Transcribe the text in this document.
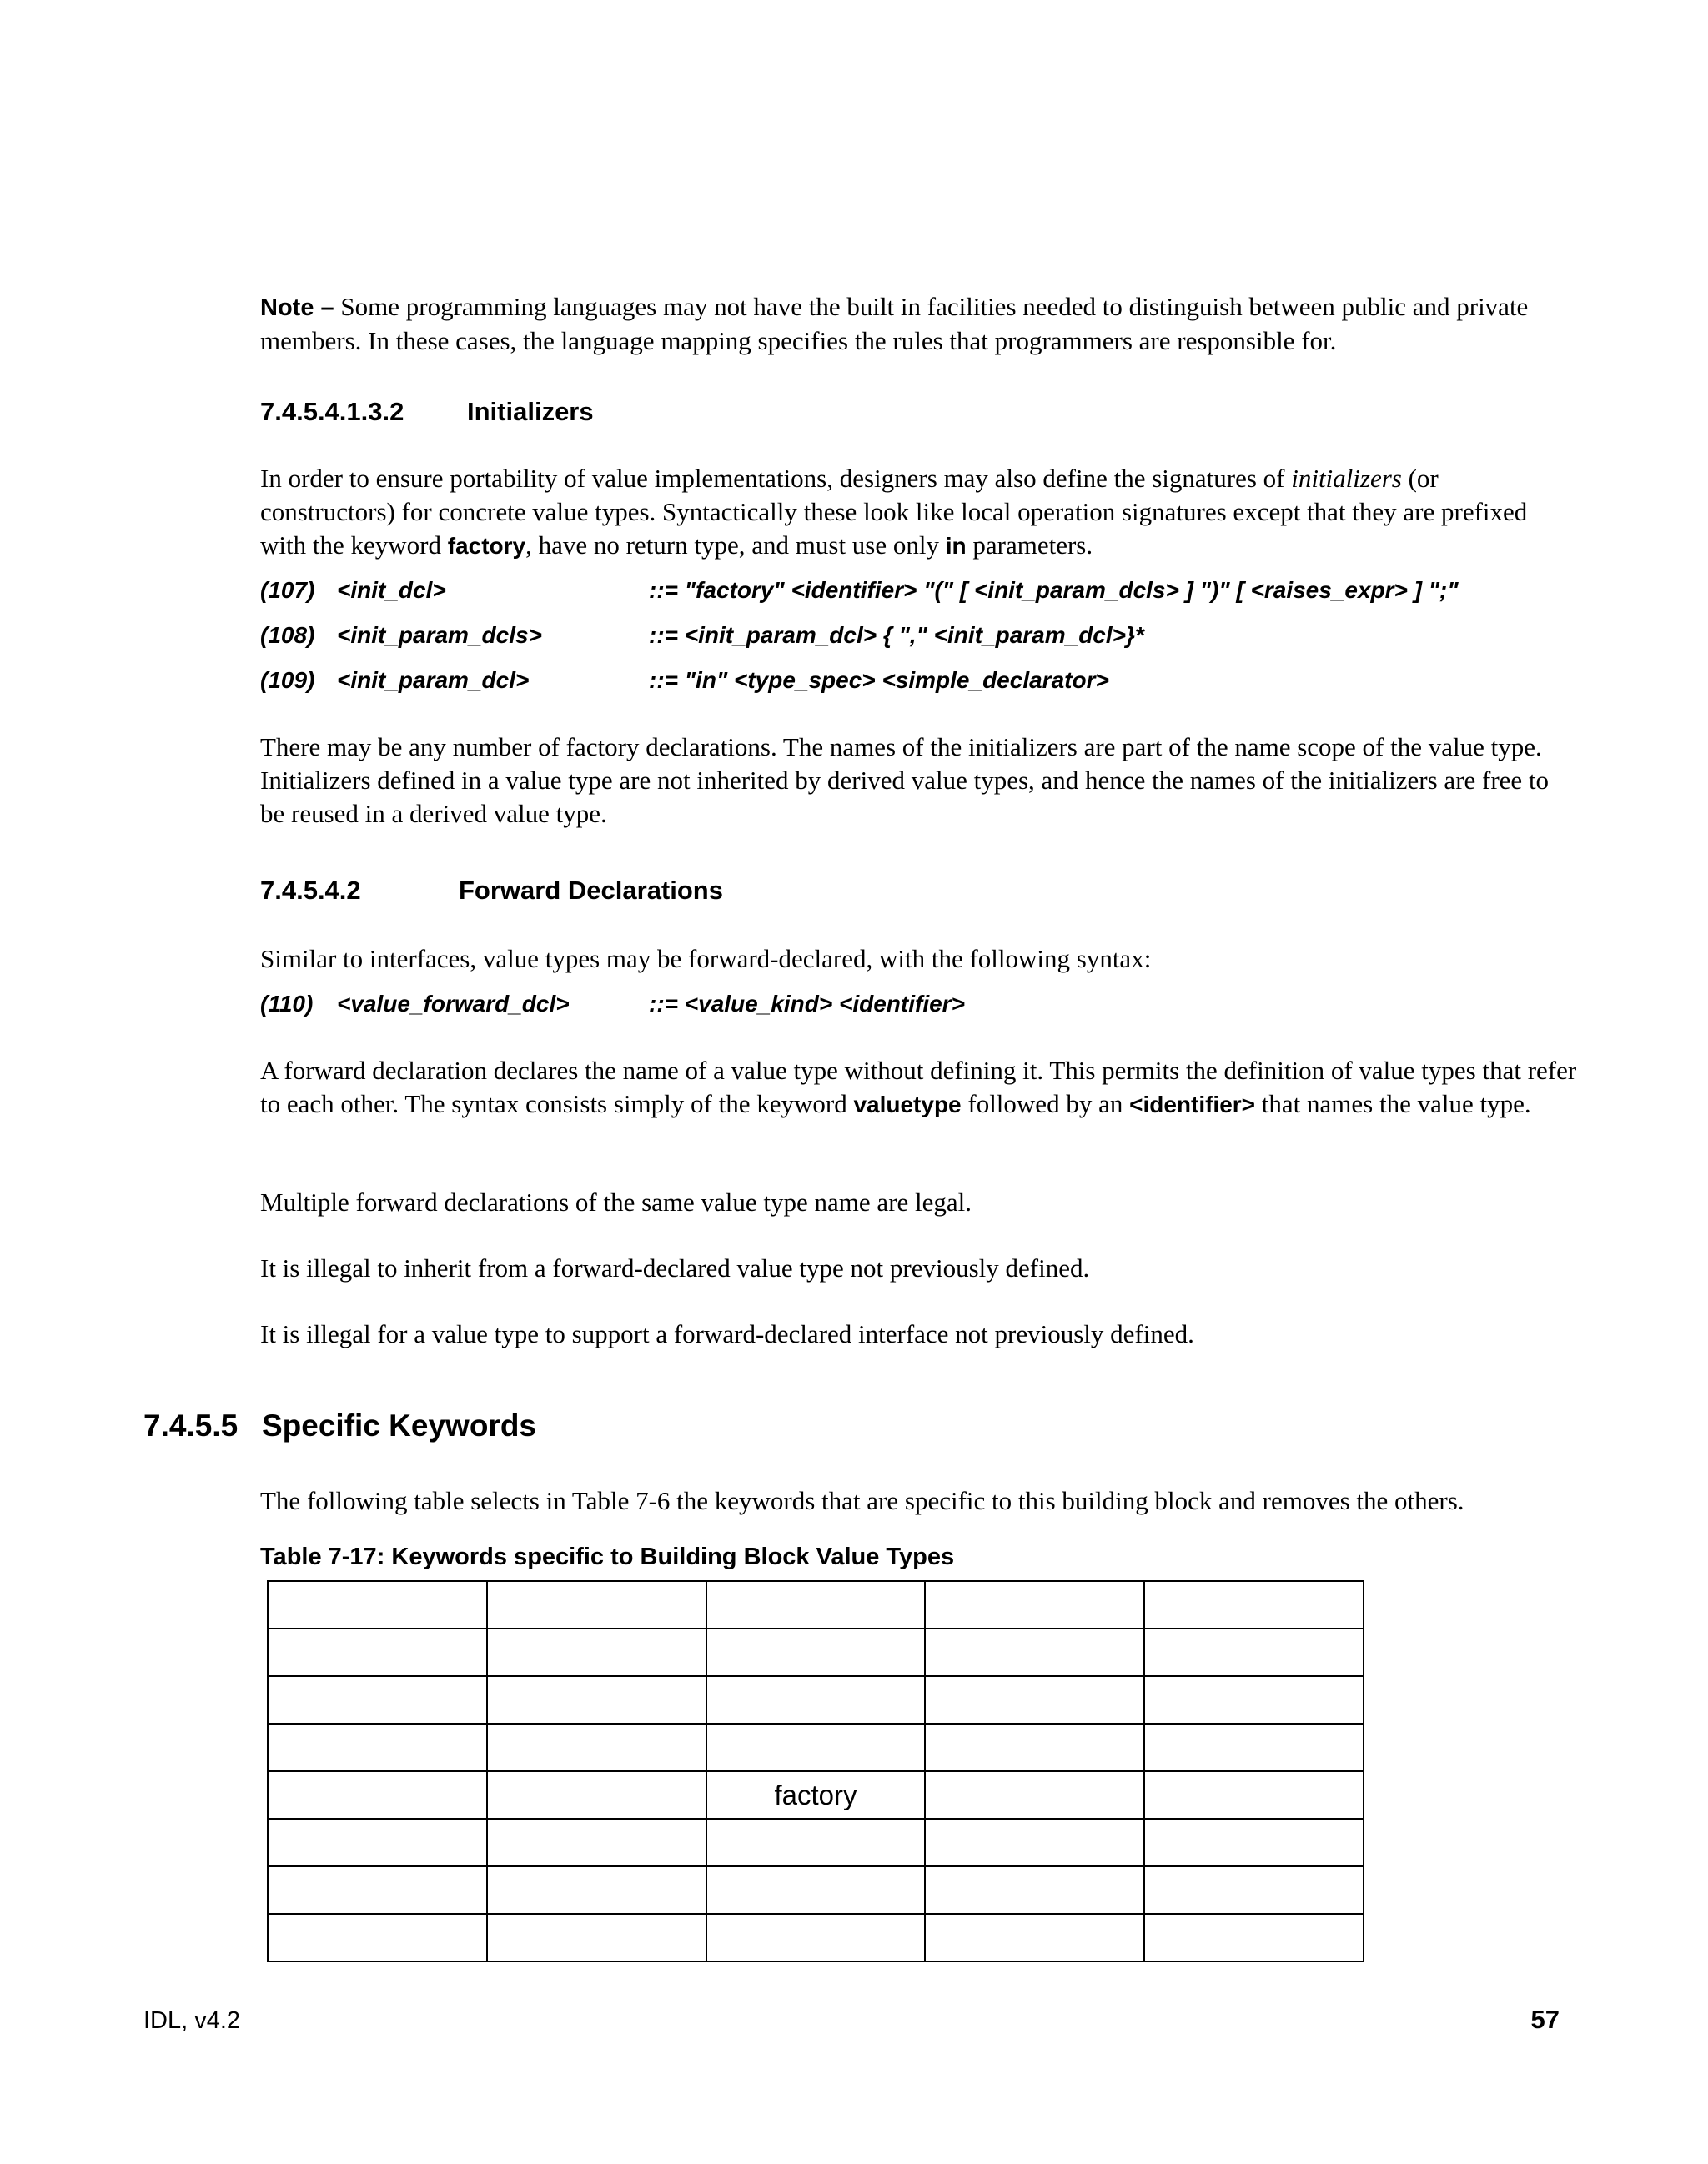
Note – Some programming languages may not have the built in facilities needed to distinguish between public and private members. In these cases, the language mapping specifies the rules that programmers are responsible for.

7.4.5.4.1.3.2 Initializers

In order to ensure portability of value implementations, designers may also define the signatures of initializers (or constructors) for concrete value types. Syntactically these look like local operation signatures except that they are prefixed with the keyword factory, have no return type, and must use only in parameters.

(107) <init_dcl>	::= "factory" <identifier> "(" [ <init_param_dcls> ] ")" [ <raises_expr> ] ";"
(108) <init_param_dcls>	::= <init_param_dcl> { "," <init_param_dcl>}*
(109) <init_param_dcl>	::= "in" <type_spec> <simple_declarator>

There may be any number of factory declarations. The names of the initializers are part of the name scope of the value type. Initializers defined in a value type are not inherited by derived value types, and hence the names of the initializers are free to be reused in a derived value type.

7.4.5.4.2	Forward Declarations

Similar to interfaces, value types may be forward-declared, with the following syntax:

(110) <value_forward_dcl>	::= <value_kind> <identifier>

A forward declaration declares the name of a value type without defining it. This permits the definition of value types that refer to each other. The syntax consists simply of the keyword valuetype followed by an <identifier> that names the value type.

Multiple forward declarations of the same value type name are legal.

It is illegal to inherit from a forward-declared value type not previously defined.

It is illegal for a value type to support a forward-declared interface not previously defined.

7.4.5.5 Specific Keywords

The following table selects in Table 7-6 the keywords that are specific to this building block and removes the others.

Table 7-17: Keywords specific to Building Block Value Types

		factory		

IDL, v4.2	57
